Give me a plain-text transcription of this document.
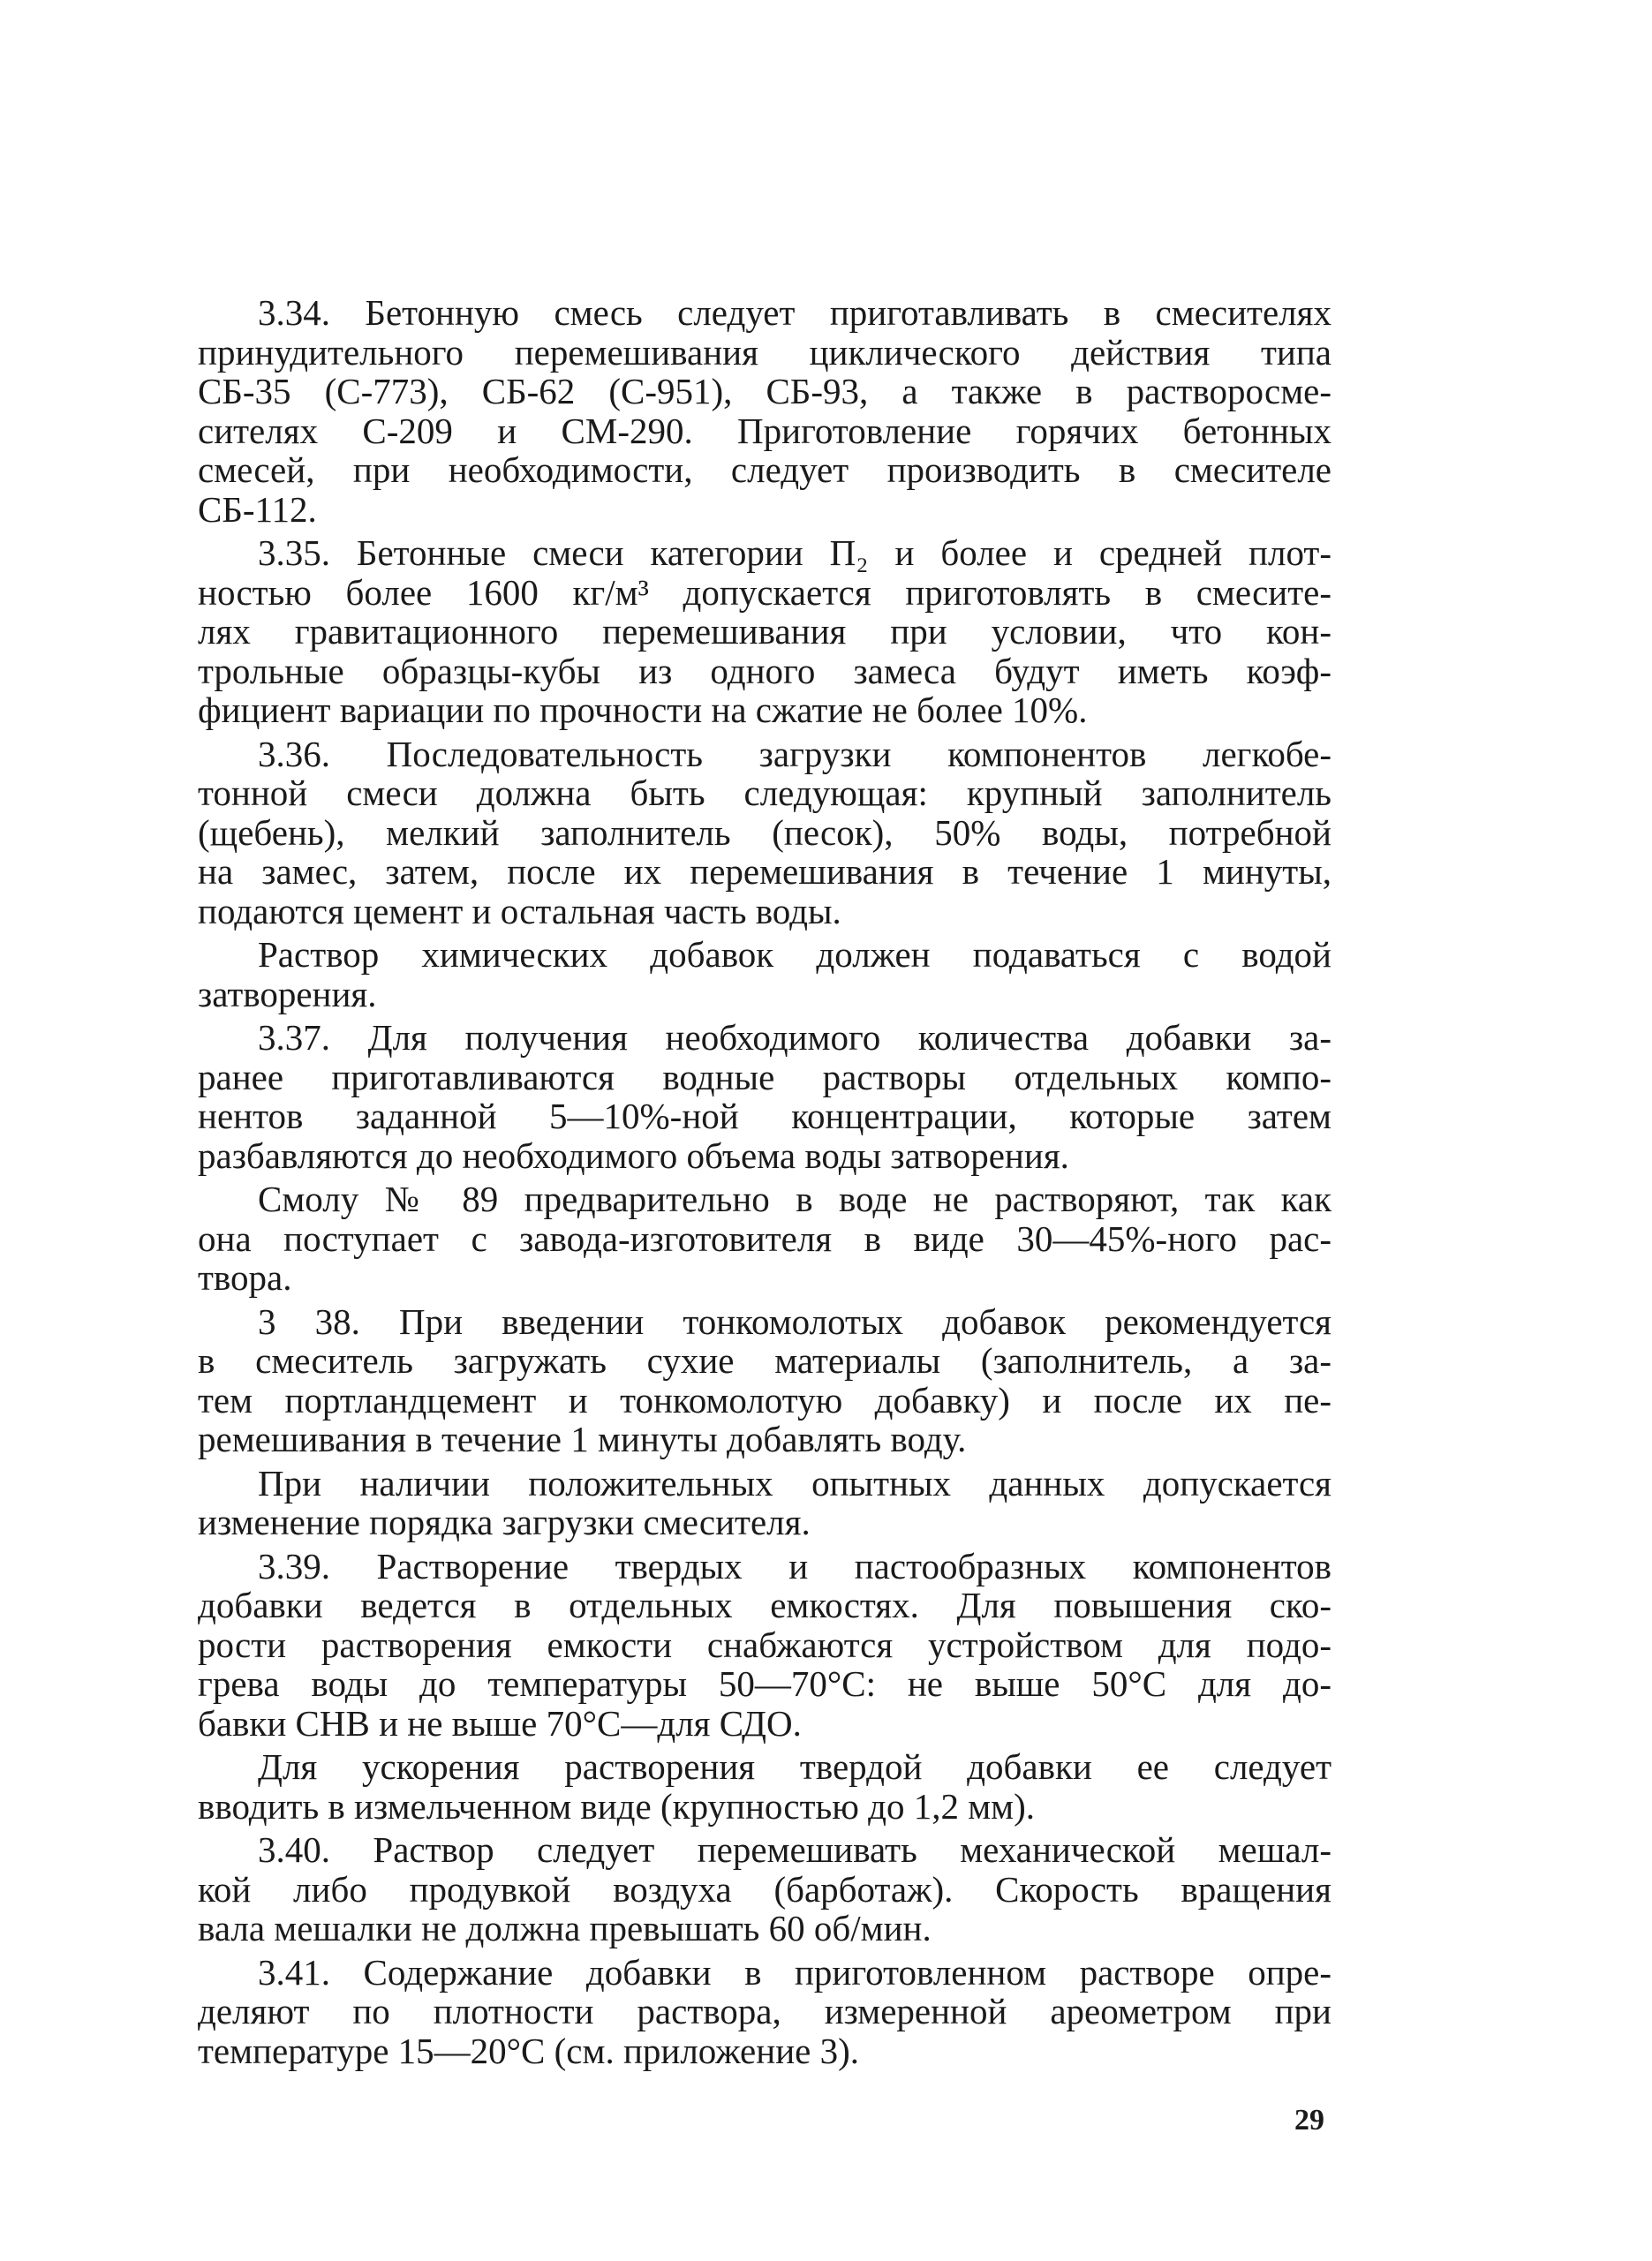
3.34. Бетонную смесь следует приготавливать в смесителях
принудительного перемешивания циклического действия типа
СБ-35 (С-773), СБ-62 (С-951), СБ-93, а также в растворосме-
сителях С-209 и СМ-290. Приготовление горячих бетонных
смесей, при необходимости, следует производить в смесителе
СБ-112.
3.35. Бетонные смеси категории П₂ и более и средней плот-
ностью более 1600 кг/м³ допускается приготовлять в смесите-
лях гравитационного перемешивания при условии, что кон-
трольные образцы-кубы из одного замеса будут иметь коэф-
фициент вариации по прочности на сжатие не более 10%.
3.36. Последовательность загрузки компонентов легкобе-
тонной смеси должна быть следующая: крупный заполнитель
(щебень), мелкий заполнитель (песок), 50% воды, потребной
на замес, затем, после их перемешивания в течение 1 минуты,
подаются цемент и остальная часть воды.
Раствор химических добавок должен подаваться с водой
затворения.
3.37. Для получения необходимого количества добавки за-
ранее приготавливаются водные растворы отдельных компо-
нентов заданной 5—10%-ной концентрации, которые затем
разбавляются до необходимого объема воды затворения.
Смолу № 89 предварительно в воде не растворяют, так как
она поступает с завода-изготовителя в виде 30—45%-ного рас-
твора.
3 38. При введении тонкомолотых добавок рекомендуется
в смеситель загружать сухие материалы (заполнитель, а за-
тем портландцемент и тонкомолотую добавку) и после их пе-
ремешивания в течение 1 минуты добавлять воду.
При наличии положительных опытных данных допускается
изменение порядка загрузки смесителя.
3.39. Растворение твердых и пастообразных компонентов
добавки ведется в отдельных емкостях. Для повышения ско-
рости растворения емкости снабжаются устройством для подо-
грева воды до температуры 50—70°С: не выше 50°С для до-
бавки СНВ и не выше 70°С—для СДО.
Для ускорения растворения твердой добавки ее следует
вводить в измельченном виде (крупностью до 1,2 мм).
3.40. Раствор следует перемешивать механической мешал-
кой либо продувкой воздуха (барботаж). Скорость вращения
вала мешалки не должна превышать 60 об/мин.
3.41. Содержание добавки в приготовленном растворе опре-
деляют по плотности раствора, измеренной ареометром при
температуре 15—20°С (см. приложение 3).
29
